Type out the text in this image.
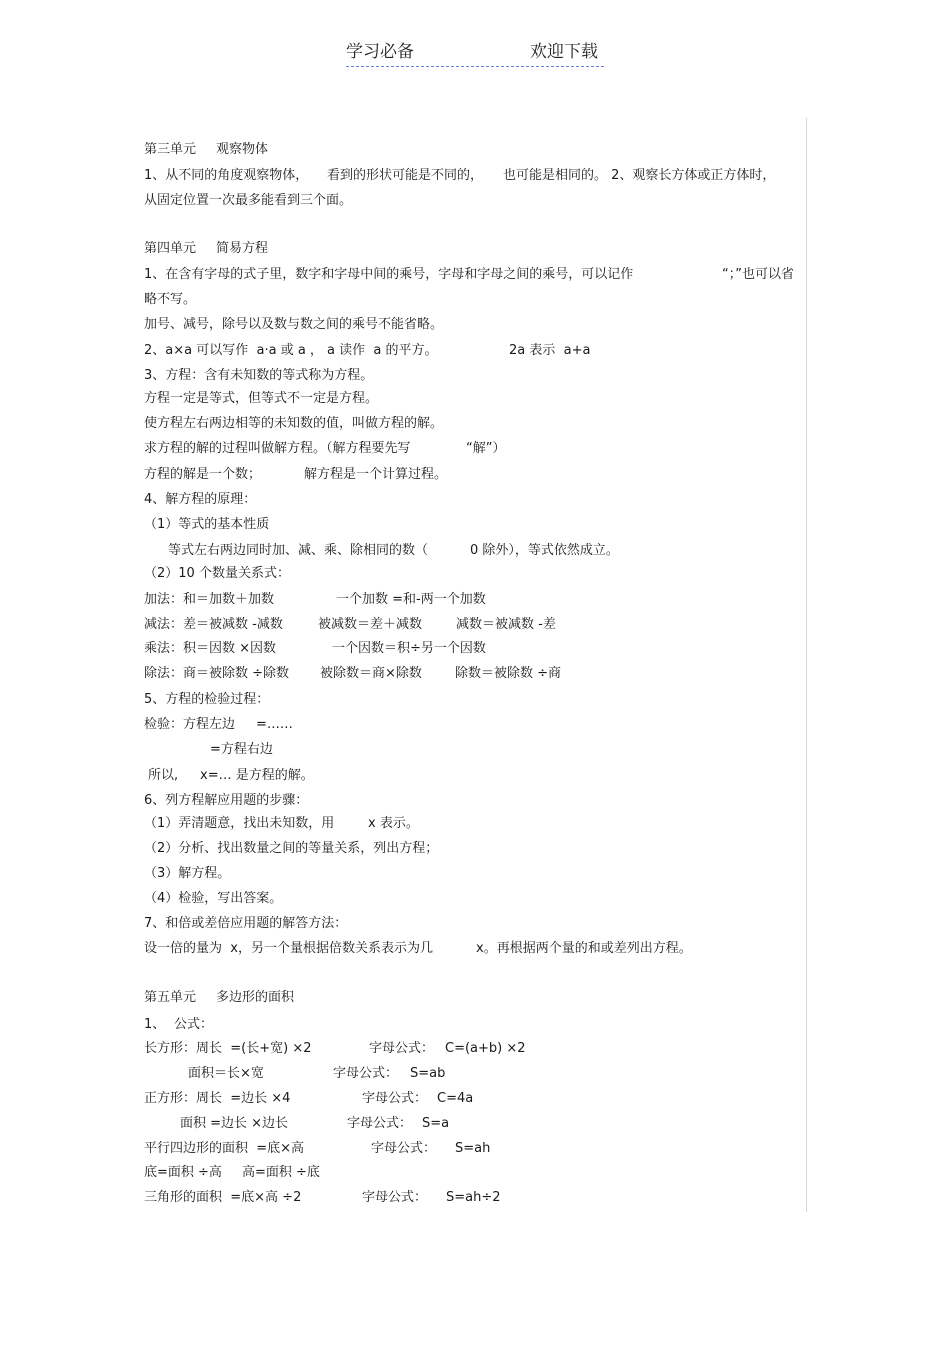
学习必备	欢迎下载
第三单元 观察物体
1、从不同的角度观察物体， 看到的形状可能是不同的， 也可能是相同的。 2、观察长方体或正方体时，
从固定位置一次最多能看到三个面。
第四单元 简易方程
1、在含有字母的式子里，数字和字母中间的乘号，字母和字母之间的乘号，可以记作	“；”也可以省
略不写。
加号、减号，除号以及数与数之间的乘号不能省略。
2、a×a 可以写作  a·a 或 a ， a 读作  a 的平方。	2a 表示  a+a
3、方程：含有未知数的等式称为方程。
方程一定是等式，但等式不一定是方程。
使方程左右两边相等的未知数的值，叫做方程的解。
求方程的解的过程叫做解方程。（解方程要先写	“解”）
方程的解是一个数；	解方程是一个计算过程。
4、解方程的原理：
（1）等式的基本性质
等式左右两边同时加、减、乘、除相同的数（	0 除外），等式依然成立。
（2）10 个数量关系式：
加法：和＝加数＋加数	一个加数 =和-两一个加数
减法：差＝被减数 -减数	被减数＝差＋减数	减数＝被减数 -差
乘法：积＝因数 ×因数	一个因数＝积÷另一个因数
除法：商＝被除数 ÷除数 被除数＝商×除数	除数＝被除数 ÷商
5、方程的检验过程：
检验：方程左边 =……
=方程右边
所以, x=… 是方程的解。
6、列方程解应用题的步骤：
（1）弄清题意，找出未知数，用	x 表示。
（2）分析、找出数量之间的等量关系，列出方程；
（3）解方程。
（4）检验，写出答案。
7、和倍或差倍应用题的解答方法：
设一倍的量为  x，另一个量根据倍数关系表示为几	x。再根据两个量的和或差列出方程。
第五单元 多边形的面积
1、 公式：
长方形：周长  =(长+宽) ×2	字母公式： C=(a+b) ×2
面积＝长×宽	字母公式： S=ab
正方形：周长  =边长 ×4	字母公式： C=4a
面积 =边长 ×边长	字母公式： S=a
平行四边形的面积  =底×高	字母公式： S=ah
底=面积 ÷高 高=面积 ÷底
三角形的面积  =底×高 ÷2	字母公式： S=ah÷2
